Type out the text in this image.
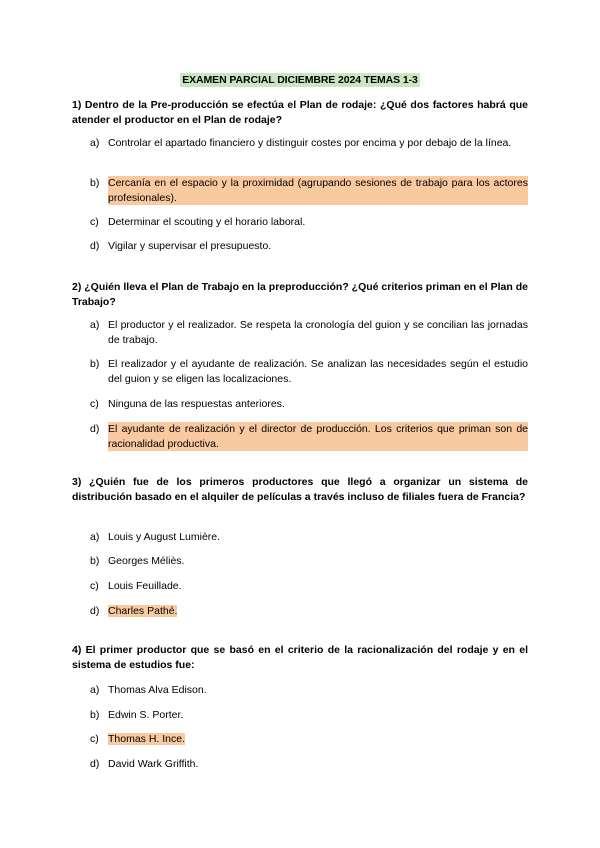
EXAMEN PARCIAL DICIEMBRE 2024 TEMAS 1-3
1) Dentro de la Pre-producción se efectúa el Plan de rodaje: ¿Qué dos factores habrá que atender el productor en el Plan de rodaje?
a) Controlar el apartado financiero y distinguir costes por encima y por debajo de la línea.
b) Cercanía en el espacio y la proximidad (agrupando sesiones de trabajo para los actores profesionales).
c) Determinar el scouting y el horario laboral.
d) Vigilar y supervisar el presupuesto.
2) ¿Quién lleva el Plan de Trabajo en la preproducción? ¿Qué criterios priman en el Plan de Trabajo?
a) El productor y el realizador. Se respeta la cronología del guion y se concilian las jornadas de trabajo.
b) El realizador y el ayudante de realización. Se analizan las necesidades según el estudio del guion y se eligen las localizaciones.
c) Ninguna de las respuestas anteriores.
d) El ayudante de realización y el director de producción. Los criterios que priman son de racionalidad productiva.
3) ¿Quién fue de los primeros productores que llegó a organizar un sistema de distribución basado en el alquiler de películas a través incluso de filiales fuera de Francia?
a) Louis y August Lumière.
b) Georges Méliès.
c) Louis Feuillade.
d) Charles Pathé.
4) El primer productor que se basó en el criterio de la racionalización del rodaje y en el sistema de estudios fue:
a) Thomas Alva Edison.
b) Edwin S. Porter.
c) Thomas H. Ince.
d) David Wark Griffith.
